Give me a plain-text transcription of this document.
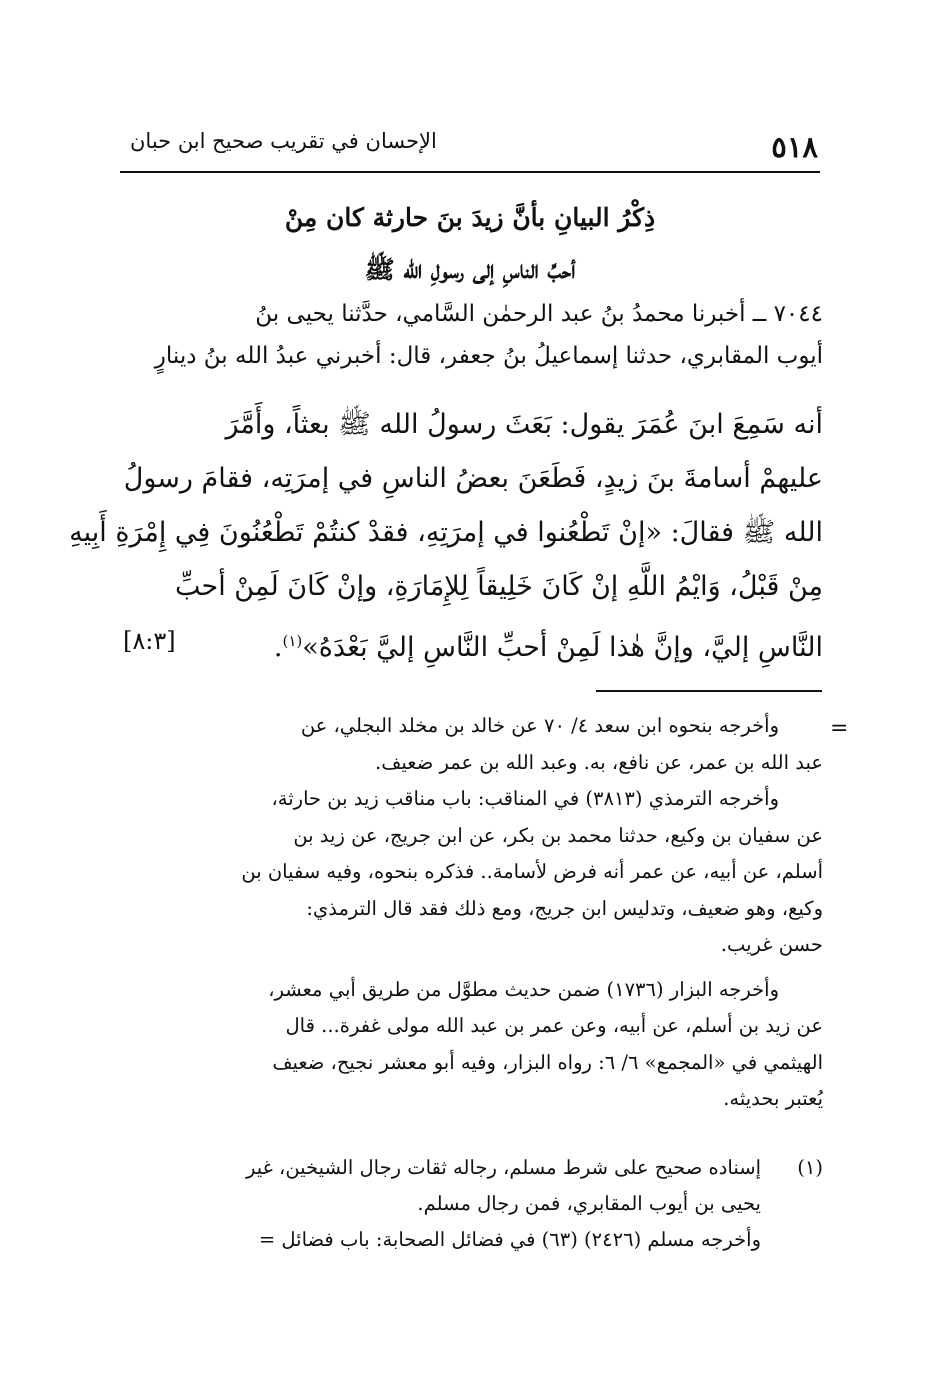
٥١٨
الإحسان في تقريب صحيح ابن حبان
ذِكْرُ البيانِ بأنَّ زيدَ بنَ حارثة كان مِنْ
أحبِّ الناسِ إلى رسولِ الله ﷺ
٧٠٤٤ ــ أخبرنا محمدُ بنُ عبد الرحمٰن السَّامي، حدَّثنا يحيى بنُ
أيوب المقابري، حدثنا إسماعيلُ بنُ جعفر، قال: أخبرني عبدُ الله بنُ دينارٍ
أنه سَمِعَ ابنَ عُمَرَ يقول: بَعَثَ رسولُ الله ﷺ بعثاً، وأَمَّرَ
عليهمْ أسامةَ بنَ زيدٍ، فَطَعَنَ بعضُ الناسِ في إمرَتِه، فقامَ رسولُ
الله ﷺ فقالَ: «إنْ تَطْعُنوا في إمرَتِهِ، فقدْ كنتُمْ تَطْعُنُونَ فِي إِمْرَةِ أَبِيهِ
مِنْ قَبْلُ، وَايْمُ اللَّهِ إنْ كَانَ خَلِيقاً لِلإِمَارَةِ، وإنْ كَانَ لَمِنْ أحبِّ
النَّاسِ إليَّ، وإنَّ هٰذا لَمِنْ أحبِّ النَّاسِ إليَّ بَعْدَهُ»$^{(١)}$.
[٨:٣]
=
وأخرجه بنحوه ابن سعد ٤/ ٧٠ عن خالد بن مخلد البجلي، عن
عبد الله بن عمر، عن نافع، به. وعبد الله بن عمر ضعيف.
وأخرجه الترمذي (٣٨١٣) في المناقب: باب مناقب زيد بن حارثة،
عن سفيان بن وكيع، حدثنا محمد بن بكر، عن ابن جريج، عن زيد بن
أسلم، عن أبيه، عن عمر أنه فرض لأسامة.. فذكره بنحوه، وفيه سفيان بن
وكيع، وهو ضعيف، وتدليس ابن جريج، ومع ذلك فقد قال الترمذي:
حسن غريب.
وأخرجه البزار (١٧٣٦) ضمن حديث مطوَّل من طريق أبي معشر،
عن زيد بن أسلم، عن أبيه، وعن عمر بن عبد الله مولى غفرة... قال
الهيثمي في «المجمع» ٦/ ٦: رواه البزار، وفيه أبو معشر نجيح، ضعيف
يُعتبر بحديثه.
(١)
إسناده صحيح على شرط مسلم، رجاله ثقات رجال الشيخين، غير
يحيى بن أيوب المقابري، فمن رجال مسلم.
وأخرجه مسلم (٢٤٢٦) (٦٣) في فضائل الصحابة: باب فضائل =
